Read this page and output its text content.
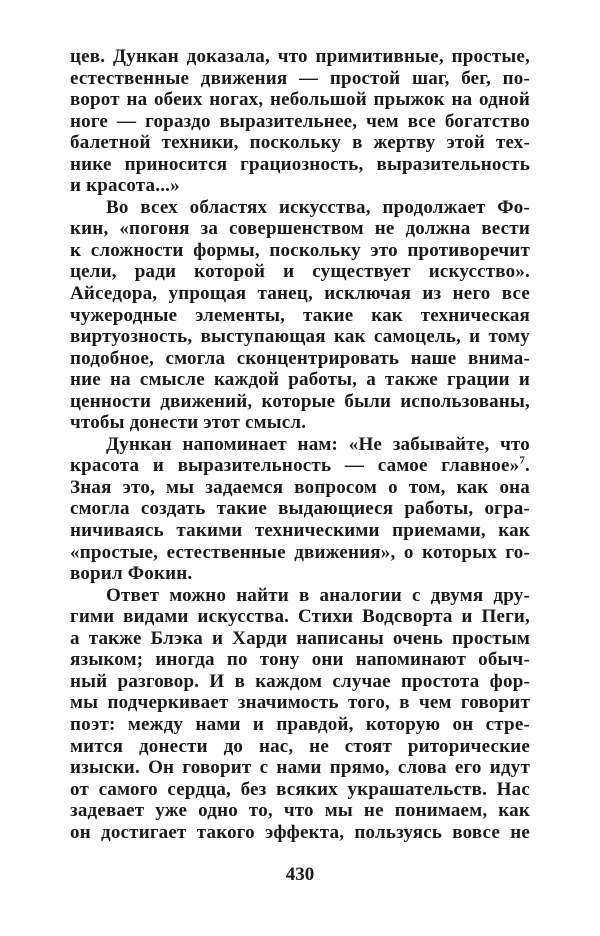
цев. Дункан доказала, что примитивные, простые,
естественные движения — простой шаг, бег, по-
ворот на обеих ногах, небольшой прыжок на одной
ноге — гораздо выразительнее, чем все богатство
балетной техники, поскольку в жертву этой тех-
нике приносится грациозность, выразительность
и красота...»
Во всех областях искусства, продолжает Фо-
кин, «погоня за совершенством не должна вести
к сложности формы, поскольку это противоречит
цели, ради которой и существует искусство».
Айседора, упрощая танец, исключая из него все
чужеродные элементы, такие как техническая
виртуозность, выступающая как самоцель, и тому
подобное, смогла сконцентрировать наше внима-
ние на смысле каждой работы, а также грации и
ценности движений, которые были использованы,
чтобы донести этот смысл.
Дункан напоминает нам: «Не забывайте, что
красота и выразительность — самое главное»$^7$.
Зная это, мы задаемся вопросом о том, как она
смогла создать такие выдающиеся работы, огра-
ничиваясь такими техническими приемами, как
«простые, естественные движения», о которых го-
ворил Фокин.
Ответ можно найти в аналогии с двумя дру-
гими видами искусства. Стихи Водсворта и Пеги,
а также Блэка и Харди написаны очень простым
языком; иногда по тону они напоминают обыч-
ный разговор. И в каждом случае простота фор-
мы подчеркивает значимость того, в чем говорит
поэт: между нами и правдой, которую он стре-
мится донести до нас, не стоят риторические
изыски. Он говорит с нами прямо, слова его идут
от самого сердца, без всяких украшательств. Нас
задевает уже одно то, что мы не понимаем, как
он достигает такого эффекта, пользуясь вовсе не
430
